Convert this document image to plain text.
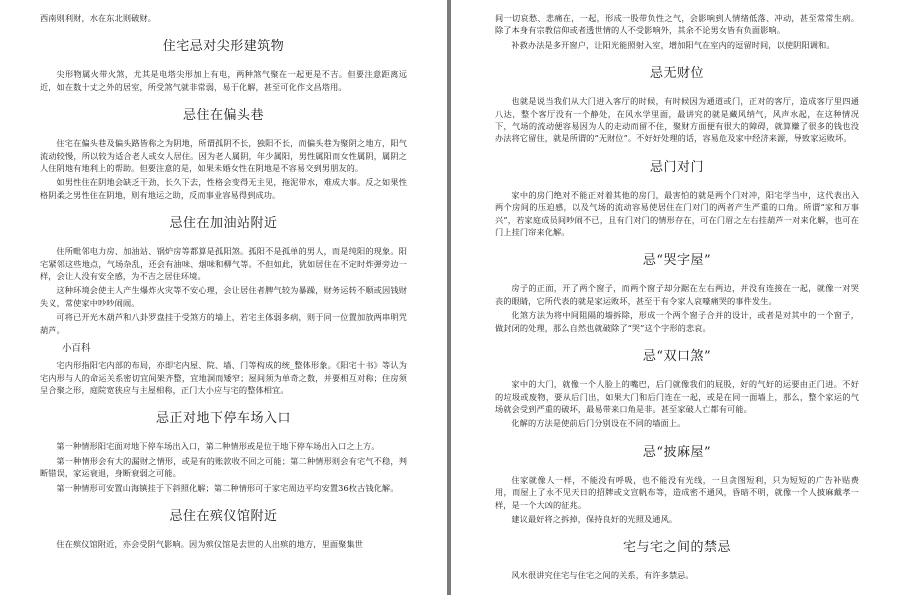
西南则利财，水在东北则破财。

住宅忌对尖形建筑物

尖形物属火带火煞，尤其是电塔尖形加上有电，两种煞气聚在一起更是不吉。但要注意距离远近，如在数十丈之外的居室，所受煞气就非常弱，易于化解，甚至可化作文昌塔用。

忌住在偏头巷

住宅在偏头巷及偏头路皆称之为阴地，所谓孤阴不长，独阳不长，而偏头巷为聚阴之地方，阳气流动较慢，所以较为适合老人或女人居住。因为老人属阴，年少属阳，男性属阳而女性属阴，属阴之人住阴地有地利上的帮助。但要注意的是，如果未婚女性在阴地是不容易交到男朋友的。

如男性住在阴地会缺乏干劲，长久下去，性格会变得无主见，拖泥带水，难成大事。反之如果性格阴柔之男性住在阴地，则有地运之助，反而事业容易得到成功。

忌住在加油站附近

住所毗邻电力房、加油站、锅炉房等都算是孤阳煞。孤阳不是孤单的男人，而是纯阳的现象。阳宅紧邻这些地点，气场杂乱，还会有油味、烟味和柳气等。不但如此，犹如居住在不定时炸弹旁边一样，会让人没有安全感，为不吉之居住环境。

这种环境会使主人产生爆炸火灾等不安心理，会让居住者脾气较为暴躁，财务运转不顺或因钱财失义，常使家中吵吵闹闹。

可将已开光木葫芦和八卦罗盘挂于受煞方的墙上，若宅主体弱多病，则于同一位置加放两串明咒葫芦。

小百科

宅内形指阳宅内部的布局，亦即宅内屋、院、墙、门等构成的统_整体形象。《阳宅十书》等认为宅内形与人的命运关系密切宜间架齐整，宜地洞而矮窄；屋间须为单奇之数，并要相互对称；住房须呈合聚之形，庭院宽狭应与主屋相称，正门大小应与宅的整体相宜。

忌正对地下停车场入口

第一种情形阳宅面对地下停车场出入口，第二种情形或是位于地下停车场出入口之上方。

第一种情形会有大的漏财之情形，或是有的账款收不回之可能；第二种情形则会有宅气不稳，判断错误，家运衰退，身断衰弱之可能。

第一种情形可安置山海镇挂于下斜照化解；第二种情形可于家宅周边平均安置36枚古钱化解。

忌住在殡仪馆附近

住在殡仪馆附近，亦会受阴气影响。因为殡仪馆是去世的人出殡的地方，里面聚集世

间一切哀愁、悲痛在，一起，形成一股带负性之气，会影响到人情绪低落、冲动，甚至常常生病。除了本身有宗教信仰或者透世情的人不受影响外，其余不论男女皆有负面影响。

补救办法是多开窗户，让阳光能照射入室，增加阳气在室内的逗留时间，以使阴阳调和。

忌无财位

也就是说当我们从大门进入客厅的时候，有时候因为通道或门，正对的客厅，造成客厅里四通八达，整个客厅没有一个静处，在风水学里面，最讲究的就是藏风纳气，风声水起，在这种情况下，气场的流动便容易因为人的走动而留不住，聚财方面便有很大的障碍，就算赚了很多的钱也没办法将它留住，就是所谓的“无财位”。不好好处理的话，容易危及家中经济来源，导致家运败坏。

忌门对门

家中的房门绝对不能正对着其他的房门，最害怕的就是两个门对冲，阳宅学当中，这代表出入两个房间的压迫感，以及气场的流动容易使居住在门对门的两者产生严重的口角。所谓“家和万事兴”，若家庭成员间吵闹不已，且有门对门的情形存在，可在门眉之左右挂葫芦一对来化解，也可在门上挂门帘来化解。

忌“哭字屋”

房子的正面，开了两个窗子，而两个窗子却分踞在左右两边，并没有连接在一起，就像一对哭丧的眼睛，它所代表的就是家运败坏，甚至于有令家人哀嚎痛哭的事件发生。

化煞方法为将中间阻隔的墙拆除，形成一个两个窗子合并的设计，或者是对其中的一个窗子，做封闭的处理，那么自然也就破除了“哭”这个字形的悲哀。

忌“双口煞”

家中的大门，就像一个人脸上的嘴巴，后门就像我们的屁股，好的气好的运要由正门进。不好的垃圾或废物，要从后门出，如果大门和后门连在一起，或是在同一面墙上，那么，整个家运的气场就会受到严重的破坏，最易带来口角是非。甚至家破人亡都有可能。

化解的方法是使前后门分别设在不同的墙面上。

忌“披麻屋”

住家就像人一样，不能没有呼吸，也不能没有光线，一旦贪图短利，只为短短的广告补贴费用，而屋上了永不见天日的招牌或文宣帆布等，造成密不通风，昏暗不明，就像一个人披麻戴孝一样，是一个大凶的征兆。

建议最好将之拆掉，保持良好的光照及通风。

宅与宅之间的禁忌

风水很讲究住宅与住宅之间的关系，有许多禁忌。
